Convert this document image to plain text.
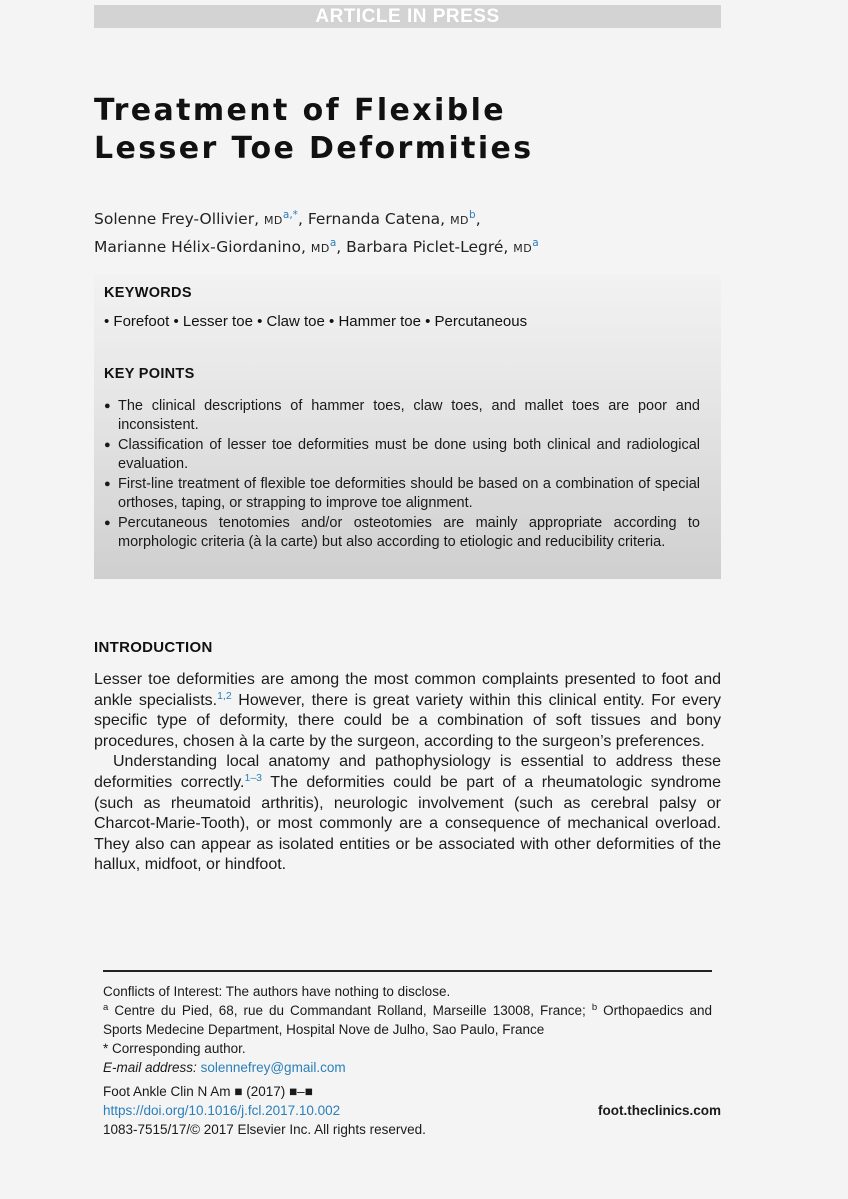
ARTICLE IN PRESS
Treatment of Flexible
Lesser Toe Deformities
Solenne Frey-Ollivier, MD$^{a,*}$, Fernanda Catena, MD$^b$,
Marianne Hélix-Giordanino, MD$^a$, Barbara Piclet-Legré, MD$^a$
KEYWORDS
• Forefoot • Lesser toe • Claw toe • Hammer toe • Percutaneous
KEY POINTS
● The clinical descriptions of hammer toes, claw toes, and mallet toes are poor and inconsistent.
● Classification of lesser toe deformities must be done using both clinical and radiological evaluation.
● First-line treatment of flexible toe deformities should be based on a combination of special orthoses, taping, or strapping to improve toe alignment.
● Percutaneous tenotomies and/or osteotomies are mainly appropriate according to morphologic criteria (à la carte) but also according to etiologic and reducibility criteria.
INTRODUCTION

Lesser toe deformities are among the most common complaints presented to foot and ankle specialists.$^{1,2}$ However, there is great variety within this clinical entity. For every specific type of deformity, there could be a combination of soft tissues and bony procedures, chosen à la carte by the surgeon, according to the surgeon’s preferences.

Understanding local anatomy and pathophysiology is essential to address these deformities correctly.$^{1-3}$ The deformities could be part of a rheumatologic syndrome (such as rheumatoid arthritis), neurologic involvement (such as cerebral palsy or Charcot-Marie-Tooth), or most commonly are a consequence of mechanical overload. They also can appear as isolated entities or be associated with other deformities of the hallux, midfoot, or hindfoot.

Conflicts of Interest: The authors have nothing to disclose.
$^a$ Centre du Pied, 68, rue du Commandant Rolland, Marseille 13008, France; $^b$ Orthopaedics and Sports Medecine Department, Hospital Nove de Julho, Sao Paulo, France
* Corresponding author.
E-mail address: solennefrey@gmail.com
Foot Ankle Clin N Am ■ (2017) ■–■
https://doi.org/10.1016/j.fcl.2017.10.002
1083-7515/17/© 2017 Elsevier Inc. All rights reserved.
foot.theclinics.com
